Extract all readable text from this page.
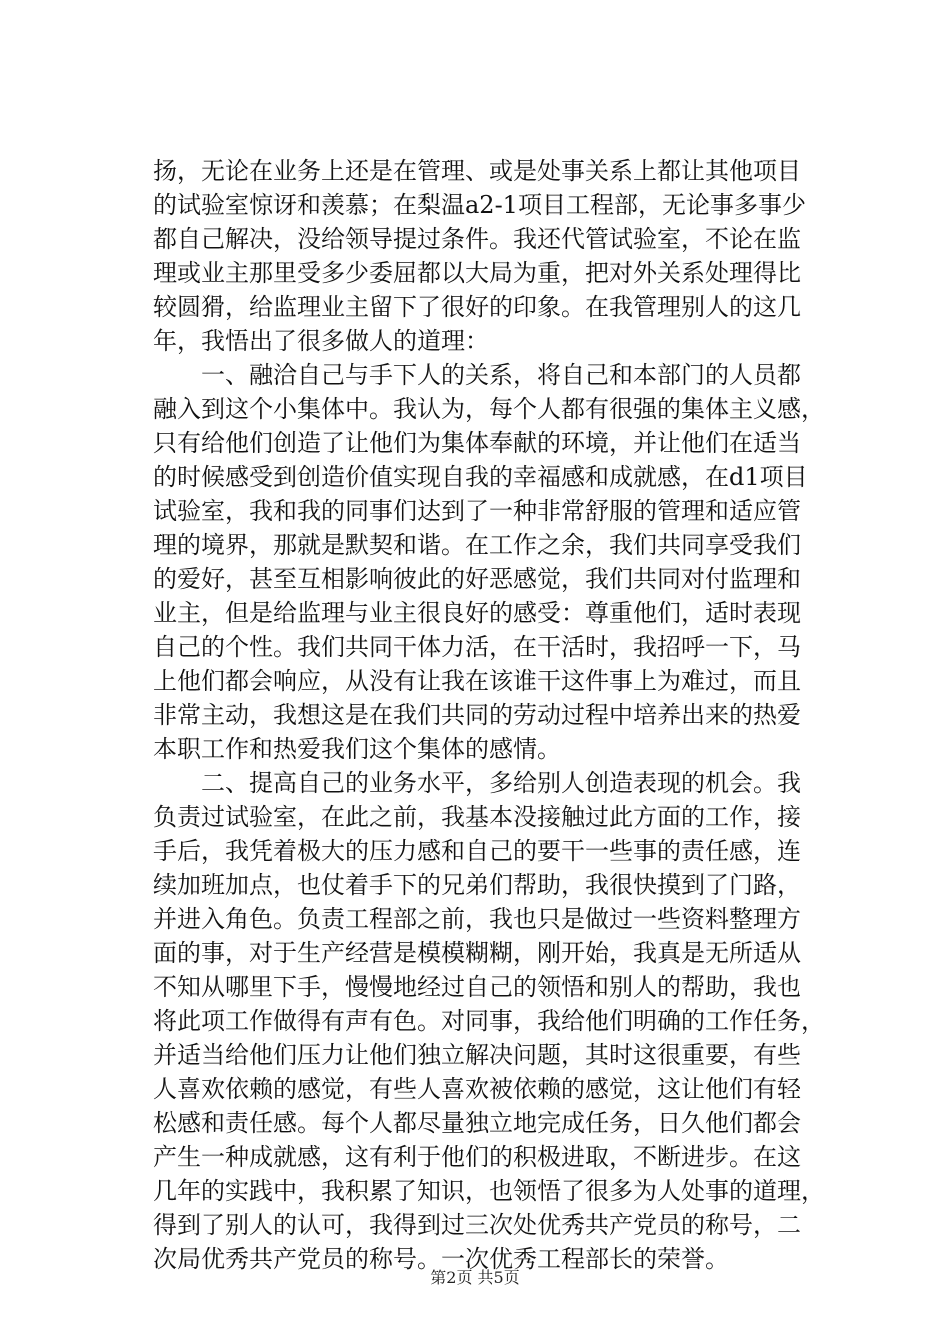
扬，无论在业务上还是在管理、或是处事关系上都让其他项目
的试验室惊讶和羡慕；在梨温a2-1项目工程部，无论事多事少
都自己解决，没给领导提过条件。我还代管试验室，不论在监
理或业主那里受多少委屈都以大局为重，把对外关系处理得比
较圆猾，给监理业主留下了很好的印象。在我管理别人的这几
年，我悟出了很多做人的道理：
　　一、融洽自己与手下人的关系，将自己和本部门的人员都
融入到这个小集体中。我认为，每个人都有很强的集体主义感，
只有给他们创造了让他们为集体奉献的环境，并让他们在适当
的时候感受到创造价值实现自我的幸福感和成就感，在d1项目
试验室，我和我的同事们达到了一种非常舒服的管理和适应管
理的境界，那就是默契和谐。在工作之余，我们共同享受我们
的爱好，甚至互相影响彼此的好恶感觉，我们共同对付监理和
业主，但是给监理与业主很良好的感受：尊重他们，适时表现
自己的个性。我们共同干体力活，在干活时，我招呼一下，马
上他们都会响应，从没有让我在该谁干这件事上为难过，而且
非常主动，我想这是在我们共同的劳动过程中培养出来的热爱
本职工作和热爱我们这个集体的感情。
　　二、提高自己的业务水平，多给别人创造表现的机会。我
负责过试验室，在此之前，我基本没接触过此方面的工作，接
手后，我凭着极大的压力感和自己的要干一些事的责任感，连
续加班加点，也仗着手下的兄弟们帮助，我很快摸到了门路，
并进入角色。负责工程部之前，我也只是做过一些资料整理方
面的事，对于生产经营是模模糊糊，刚开始，我真是无所适从
不知从哪里下手，慢慢地经过自己的领悟和别人的帮助，我也
将此项工作做得有声有色。对同事，我给他们明确的工作任务，
并适当给他们压力让他们独立解决问题，其时这很重要，有些
人喜欢依赖的感觉，有些人喜欢被依赖的感觉，这让他们有轻
松感和责任感。每个人都尽量独立地完成任务，日久他们都会
产生一种成就感，这有利于他们的积极进取，不断进步。在这
几年的实践中，我积累了知识，也领悟了很多为人处事的道理，
得到了别人的认可，我得到过三次处优秀共产党员的称号，二
次局优秀共产党员的称号。一次优秀工程部长的荣誉。
第2页 共5页
